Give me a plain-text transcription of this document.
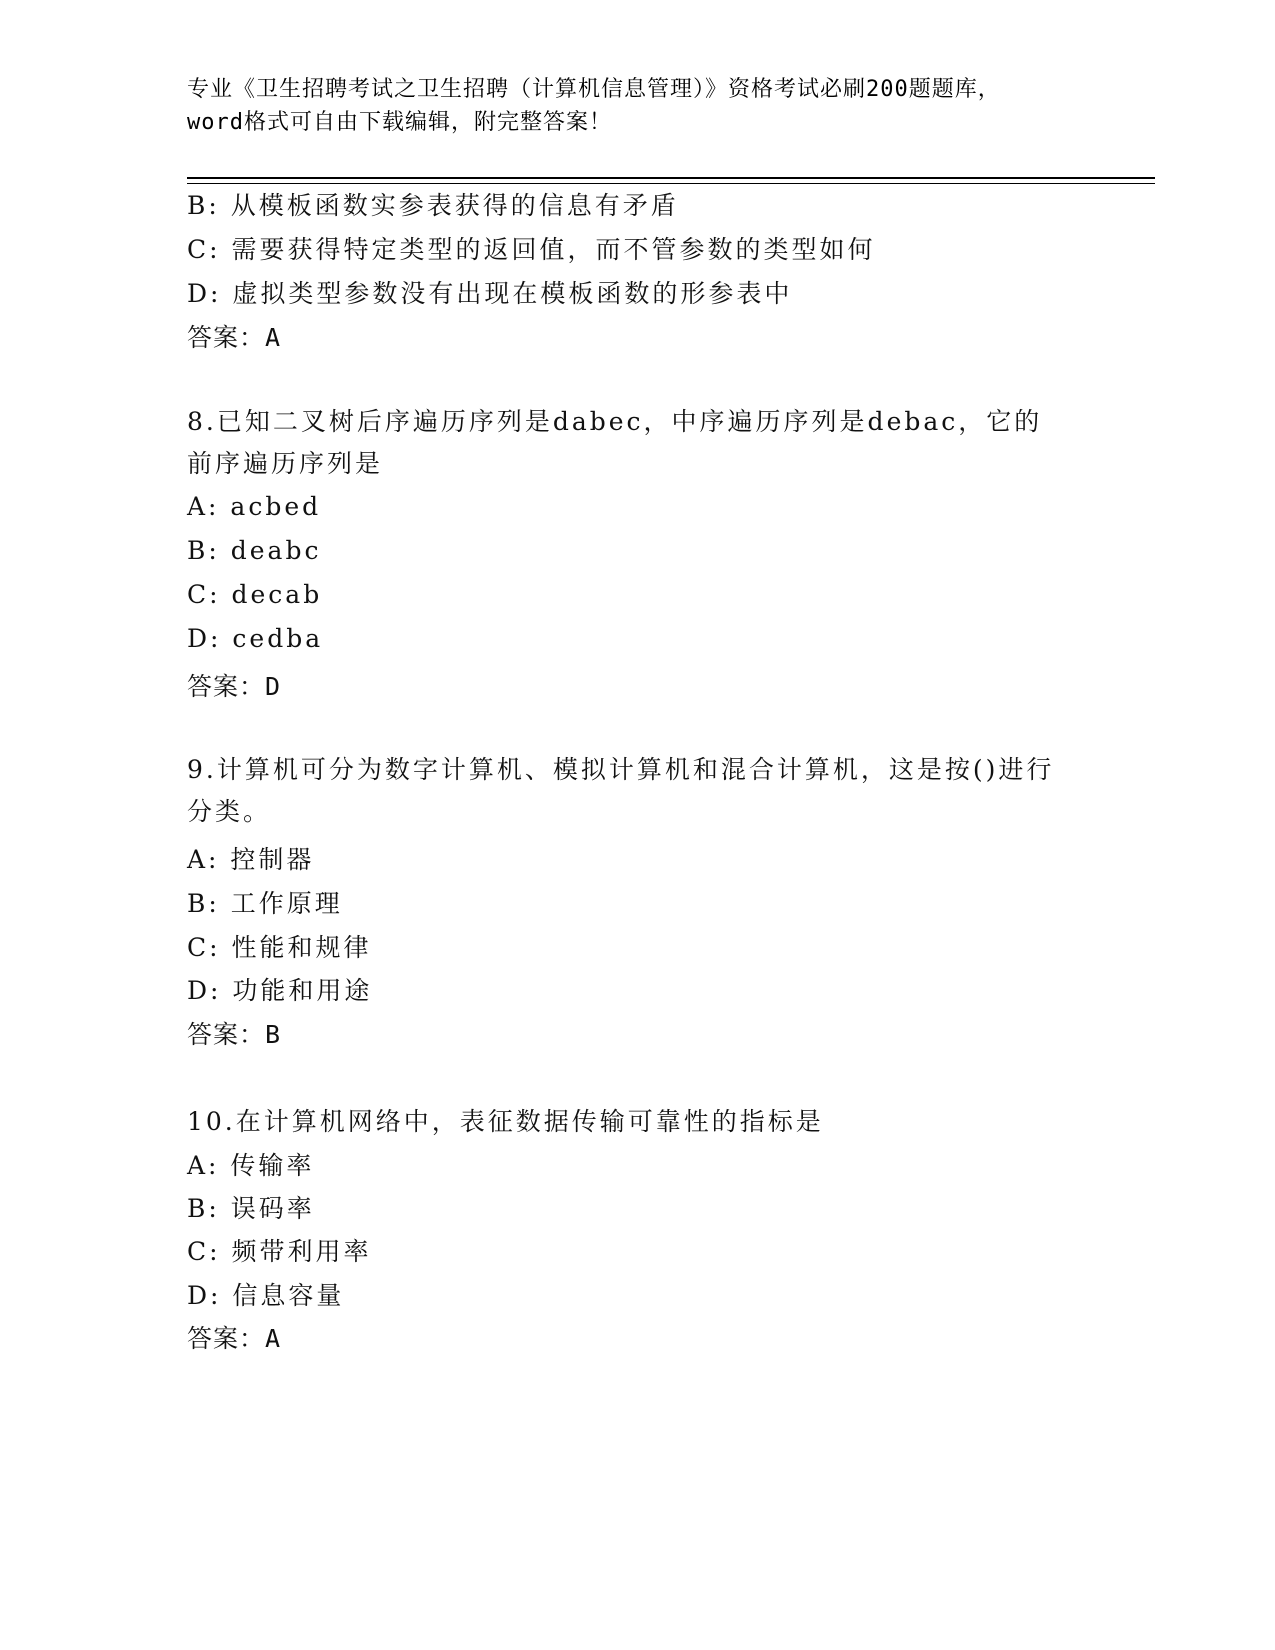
专业《卫生招聘考试之卫生招聘（计算机信息管理）》资格考试必刷200题题库，
word格式可自由下载编辑，附完整答案！
B: 从模板函数实参表获得的信息有矛盾
C: 需要获得特定类型的返回值，而不管参数的类型如何
D: 虚拟类型参数没有出现在模板函数的形参表中
答案：A
8.已知二叉树后序遍历序列是dabec，中序遍历序列是debac，它的前序遍历序列是
A: acbed
B: deabc
C: decab
D: cedba
答案：D
9.计算机可分为数字计算机、模拟计算机和混合计算机，这是按()进行分类。
A: 控制器
B: 工作原理
C: 性能和规律
D: 功能和用途
答案：B
10.在计算机网络中，表征数据传输可靠性的指标是
A: 传输率
B: 误码率
C: 频带利用率
D: 信息容量
答案：A
